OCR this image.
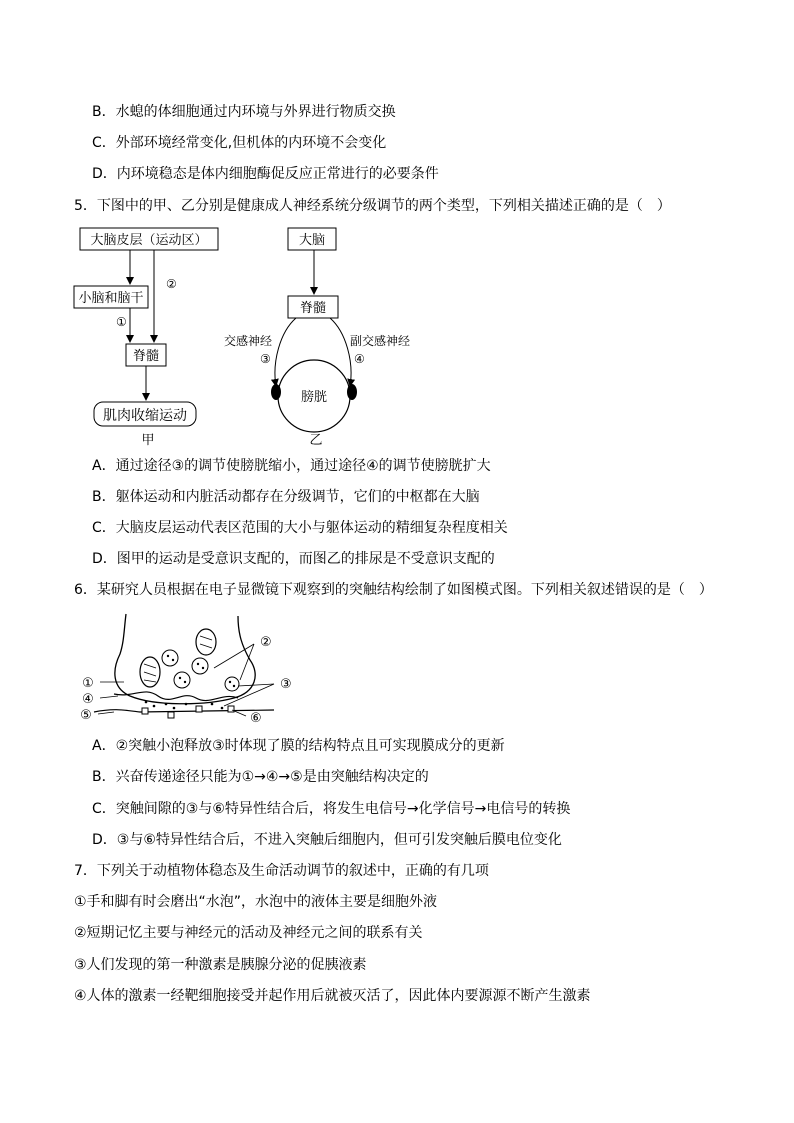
B．水螅的体细胞通过内环境与外界进行物质交换
C．外部环境经常变化,但机体的内环境不会变化
D．内环境稳态是体内细胞酶促反应正常进行的必要条件
5．下图中的甲、乙分别是健康成人神经系统分级调节的两个类型，下列相关描述正确的是（　）
大脑皮层（运动区）
②
小脑和脑干
①
脊髓
肌肉收缩运动
甲
大脑
脊髓
交感神经
③
副交感神经
④
膀胱
乙
A．通过途径③的调节使膀胱缩小，通过途径④的调节使膀胱扩大
B．躯体运动和内脏活动都存在分级调节，它们的中枢都在大脑
C．大脑皮层运动代表区范围的大小与躯体运动的精细复杂程度相关
D．图甲的运动是受意识支配的，而图乙的排尿是不受意识支配的
6．某研究人员根据在电子显微镜下观察到的突触结构绘制了如图模式图。下列相关叙述错误的是（　）
①
②
③
④
⑤	⑥
A．②突触小泡释放③时体现了膜的结构特点且可实现膜成分的更新
B．兴奋传递途径只能为①→④→⑤是由突触结构决定的
C．突触间隙的③与⑥特异性结合后，将发生电信号→化学信号→电信号的转换
D．③与⑥特异性结合后，不进入突触后细胞内，但可引发突触后膜电位变化
7．下列关于动植物体稳态及生命活动调节的叙述中，正确的有几项
①手和脚有时会磨出“水泡”，水泡中的液体主要是细胞外液
②短期记忆主要与神经元的活动及神经元之间的联系有关
③人们发现的第一种激素是胰腺分泌的促胰液素
④人体的激素一经靶细胞接受并起作用后就被灭活了，因此体内要源源不断产生激素
